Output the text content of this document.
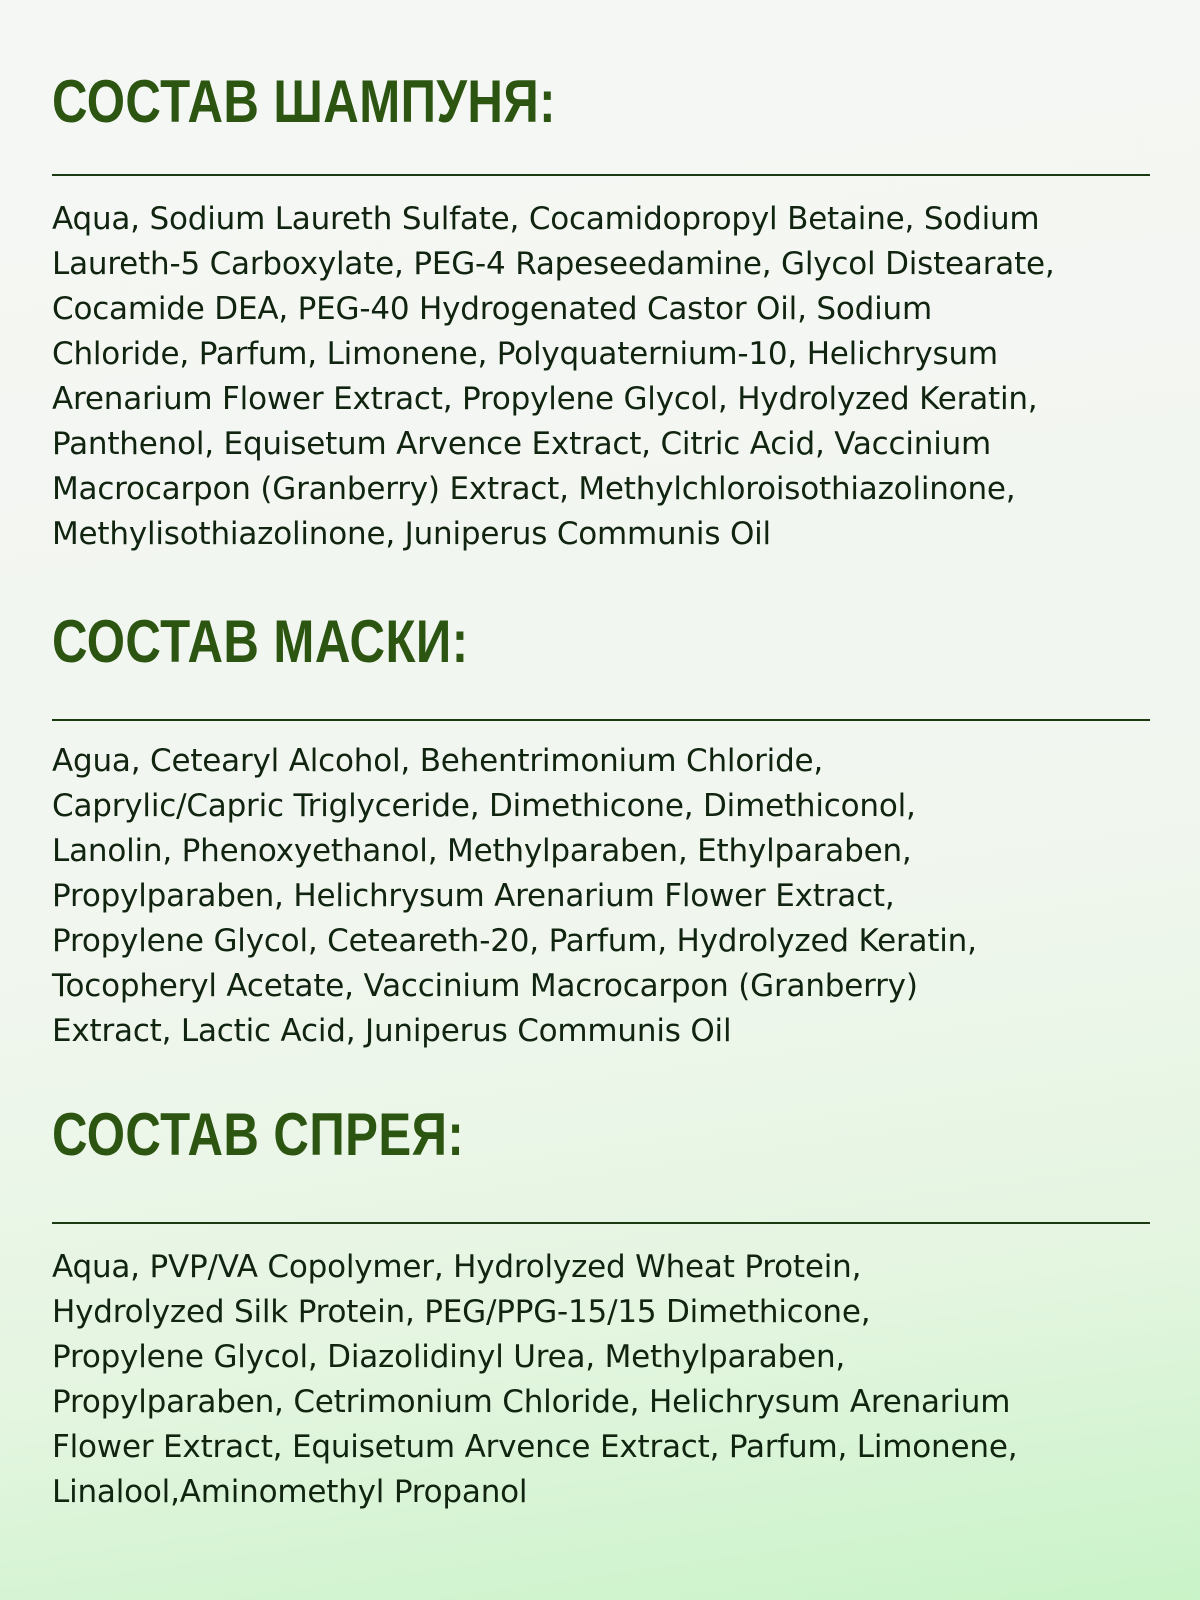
СОСТАВ ШАМПУНЯ:

Aqua, Sodium Laureth Sulfate, Cocamidopropyl Betaine, Sodium
Laureth-5 Carboxylate, PEG-4 Rapeseedamine, Glycol Distearate,
Cocamide DEA, PEG-40 Hydrogenated Castor Oil, Sodium
Chloride, Parfum, Limonene, Polyquaternium-10, Helichrysum
Arenarium Flower Extract, Propylene Glycol, Hydrolyzed Keratin,
Panthenol, Equisetum Arvence Extract, Citric Acid, Vaccinium
Macrocarpon (Granberry) Extract, Methylchloroisothiazolinone,
Methylisothiazolinone, Juniperus Communis Oil

СОСТАВ МАСКИ:

Agua, Cetearyl Alcohol, Behentrimonium Chloride,
Caprylic/Capric Triglyceride, Dimethicone, Dimethiconol,
Lanolin, Phenoxyethanol, Methylparaben, Ethylparaben,
Propylparaben, Helichrysum Arenarium Flower Extract,
Propylene Glycol, Ceteareth-20, Parfum, Hydrolyzed Keratin,
Tocopheryl Acetate, Vaccinium Macrocarpon (Granberry)
Extract, Lactic Acid, Juniperus Communis Oil

СОСТАВ СПРЕЯ:

Aqua, PVP/VA Copolymer, Hydrolyzed Wheat Protein,
Hydrolyzed Silk Protein, PEG/PPG-15/15 Dimethicone,
Propylene Glycol, Diazolidinyl Urea, Methylparaben,
Propylparaben, Cetrimonium Chloride, Helichrysum Arenarium
Flower Extract, Equisetum Arvence Extract, Parfum, Limonene,
Linalool,Aminomethyl Propanol
